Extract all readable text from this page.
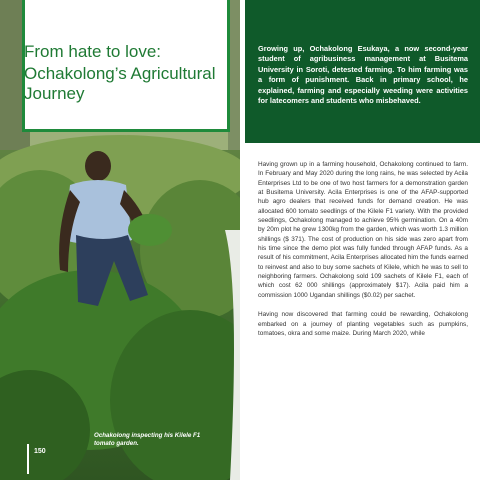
From hate to love:
Ochakolong’s Agricultural Journey

Ochakolong inspecting his Kilele F1 tomato garden.

150

Growing up, Ochakolong Esukaya, a now second-year student of agribusiness management at Busitema University in Soroti, detested farming. To him farming was a form of punishment. Back in primary school, he explained, farming and especially weeding were activities for latecomers and students who misbehaved.

Having grown up in a farming household, Ochakolong continued to farm. In February and May 2020 during the long rains, he was selected by Acila Enterprises Ltd to be one of two host farmers for a demonstration garden at Busitema University. Acila Enterprises is one of the AFAP-supported hub agro dealers that received funds for demand creation. He was allocated 600 tomato seedlings of the Kilele F1 variety. With the provided seedlings, Ochakolong managed to achieve 95% germination. On a 40m by 20m plot he grew 1300kg from the garden, which was worth 1.3 million shillings ($ 371). The cost of production on his side was zero apart from his time since the demo plot was fully funded through AFAP funds. As a result of his commitment, Acila Enterprises allocated him the funds earned to reinvest and also to buy some sachets of Kilele, which he was to sell to neighboring farmers. Ochakolong sold 109 sachets of Kilele F1, each of which cost 62 000 shillings (approximately $17). Acila paid him a commission 1000 Ugandan shillings ($0.02) per sachet.

Having now discovered that farming could be rewarding, Ochakolong embarked on a journey of planting vegetables such as pumpkins, tomatoes, okra and some maize. During March 2020, while
